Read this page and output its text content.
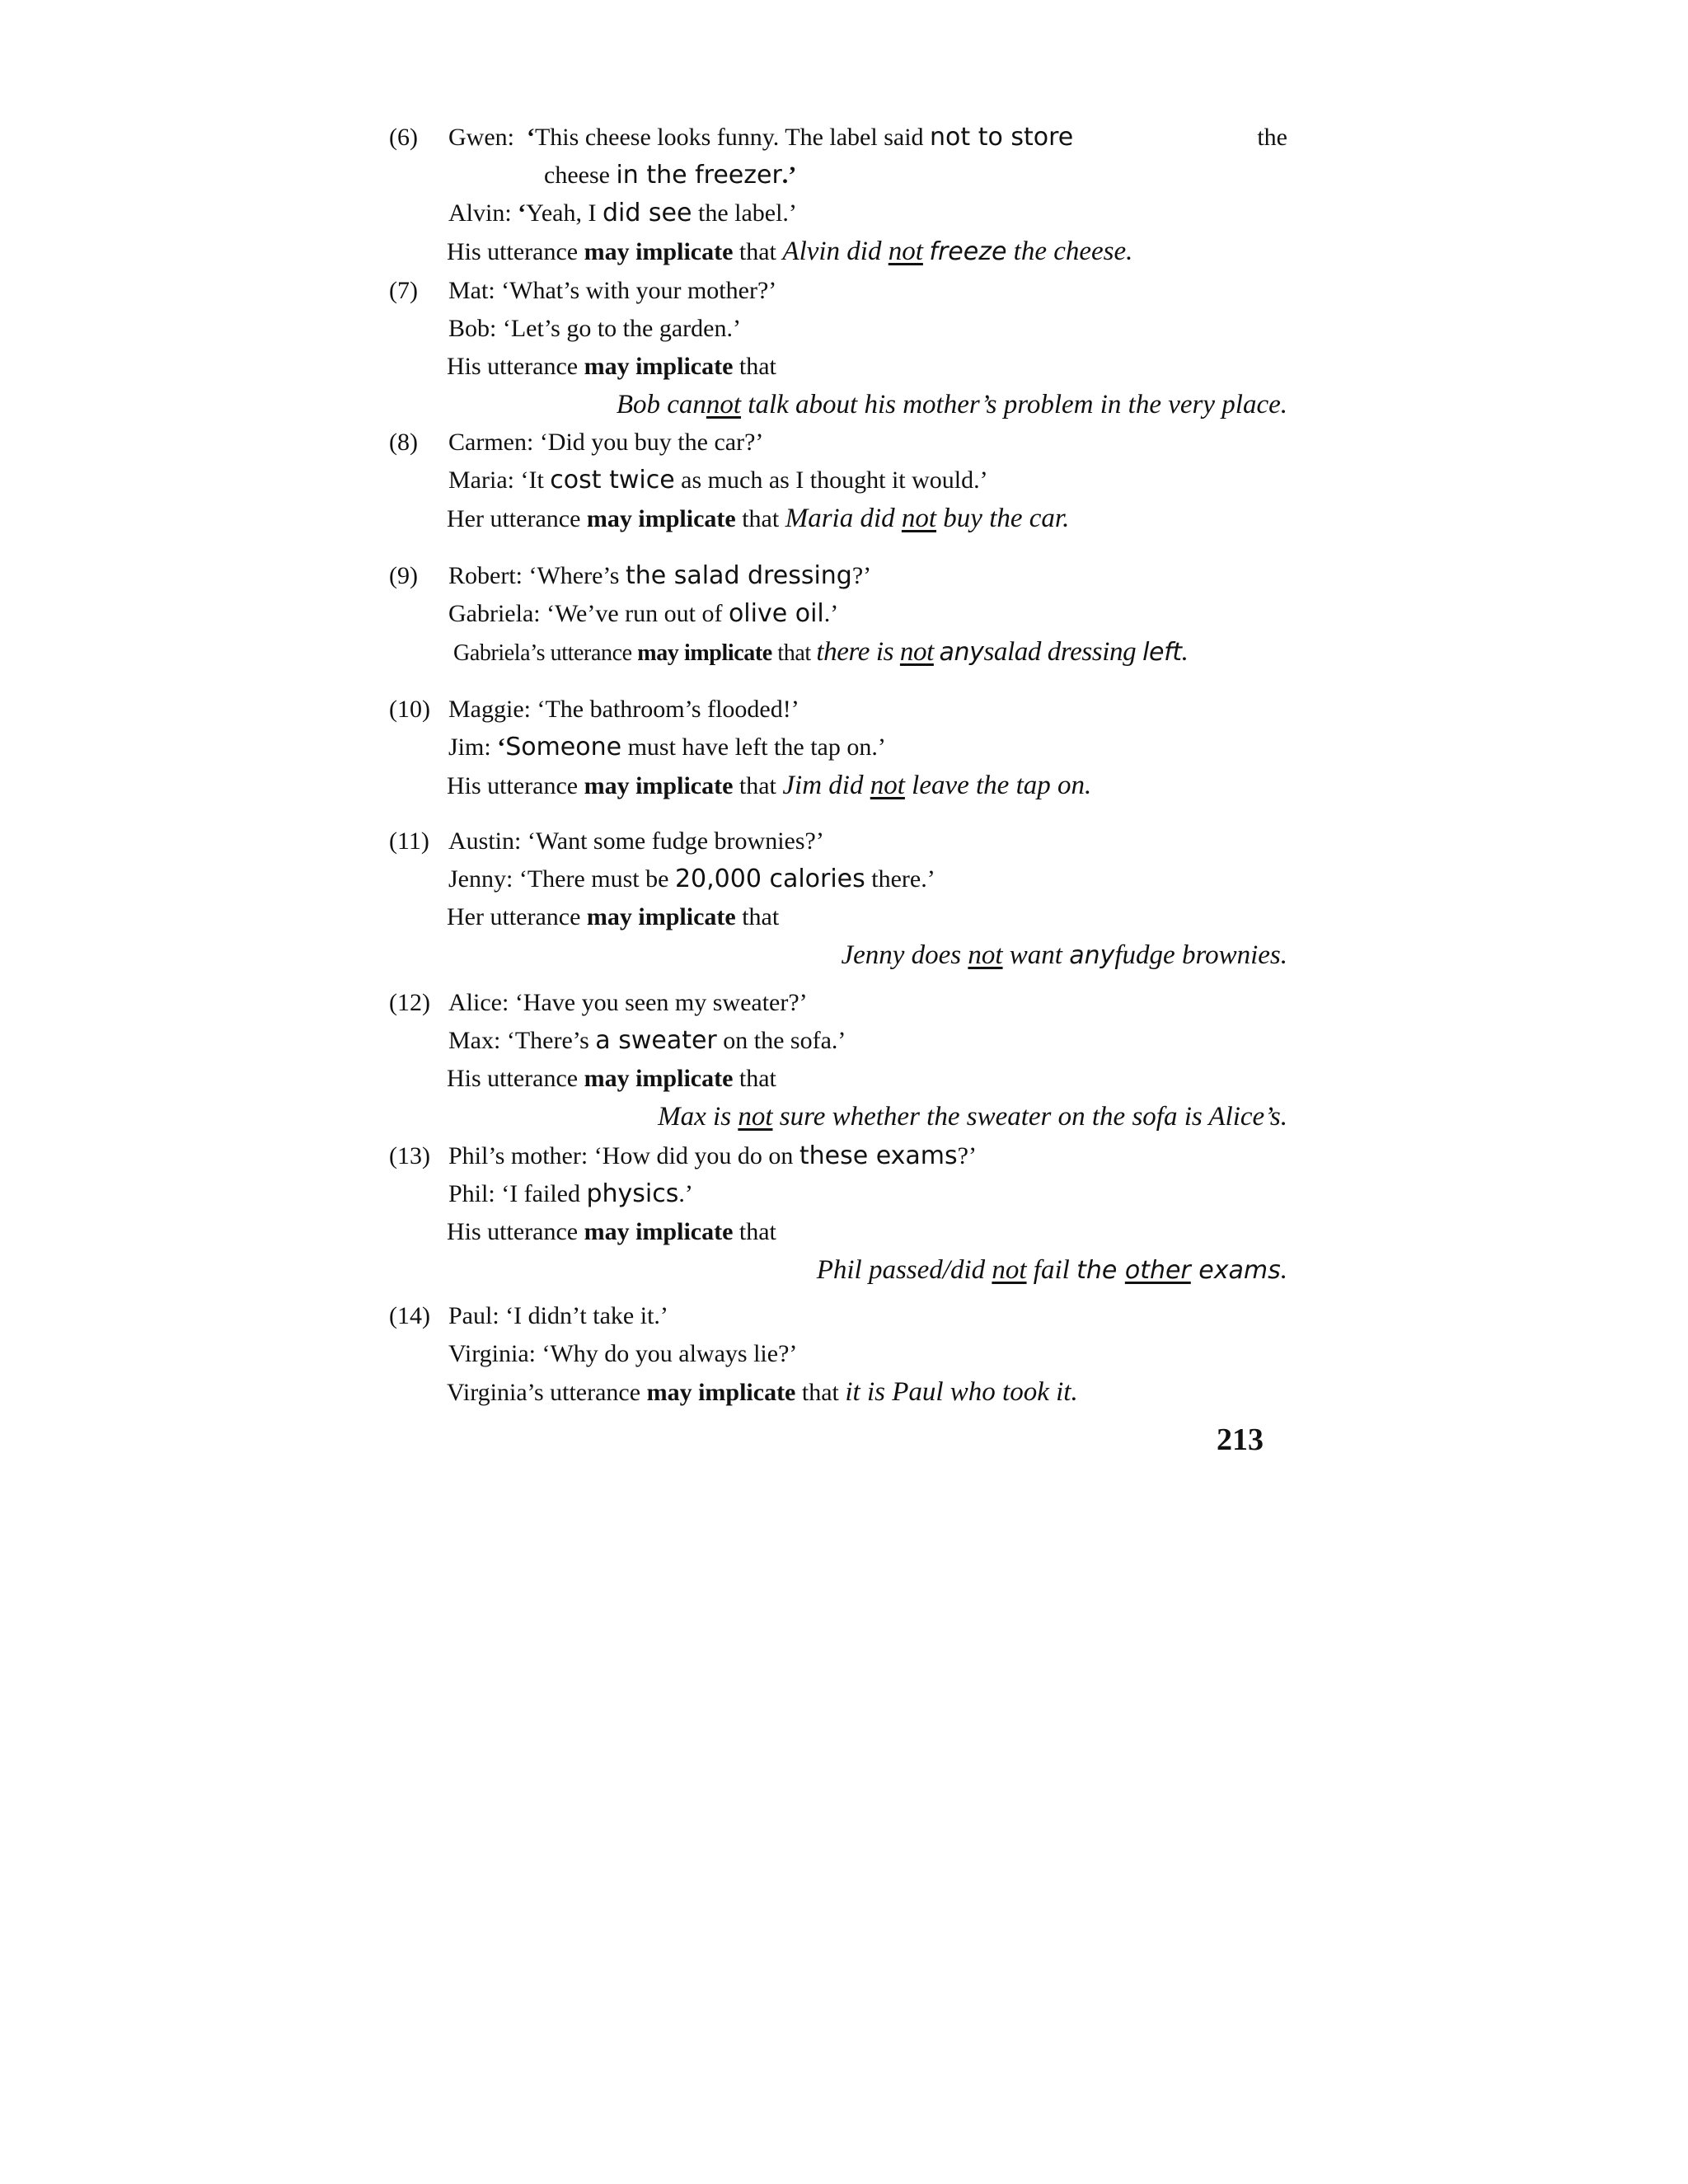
(6) Gwen: ‘This cheese looks funny. The label said not to store	the
cheese in the freezer.’
Alvin: ‘Yeah, I did see the label.’
His utterance may implicate that Alvin did not freeze the cheese.
(7) Mat: ‘What’s with your mother?’
Bob: ‘Let’s go to the garden.’
His utterance may implicate that
Bob cannot talk about his mother’s problem in the very place.
(8) Carmen: ‘Did you buy the car?’
Maria: ‘It cost twice as much as I thought it would.’
Her utterance may implicate that Maria did not buy the car.
(9) Robert: ‘Where’s the salad dressing?’
Gabriela: ‘We’ve run out of olive oil.’
Gabriela’s utterance may implicate that there is not anysalad dressing left.
(10) Maggie: ‘The bathroom’s flooded!’
Jim: ‘Someone must have left the tap on.’
His utterance may implicate that Jim did not leave the tap on.
(11) Austin: ‘Want some fudge brownies?’
Jenny: ‘There must be 20,000 calories there.’
Her utterance may implicate that
Jenny does not want anyfudge brownies.
(12) Alice: ‘Have you seen my sweater?’
Max: ‘There’s a sweater on the sofa.’
His utterance may implicate that
Max is not sure whether the sweater on the sofa is Alice’s.
(13) Phil’s mother: ‘How did you do on these exams?’
Phil: ‘I failed physics.’
His utterance may implicate that
Phil passed/did not fail the other exams.
(14) Paul: ‘I didn’t take it.’
Virginia: ‘Why do you always lie?’
Virginia’s utterance may implicate that it is Paul who took it.
213
